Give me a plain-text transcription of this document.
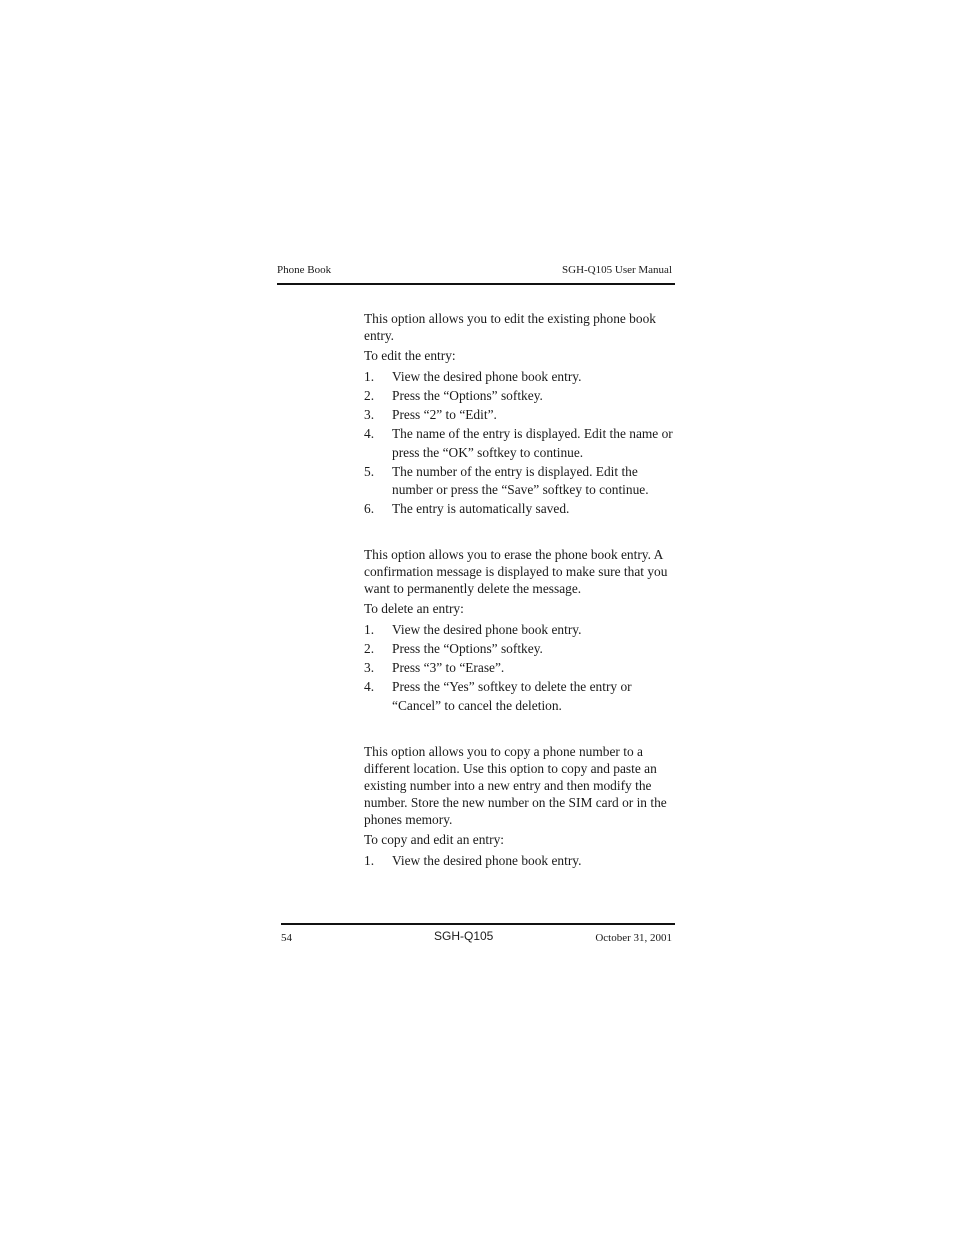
Phone Book	SGH-Q105 User Manual

This option allows you to edit the existing phone book entry.

To edit the entry:

1. View the desired phone book entry.
2. Press the “Options” softkey.
3. Press “2” to “Edit”.
4. The name of the entry is displayed. Edit the name or press the “OK” softkey to continue.
5. The number of the entry is displayed. Edit the number or press the “Save” softkey to continue.
6. The entry is automatically saved.

This option allows you to erase the phone book entry. A confirmation message is displayed to make sure that you want to permanently delete the message.

To delete an entry:

1. View the desired phone book entry.
2. Press the “Options” softkey.
3. Press “3” to “Erase”.
4. Press the “Yes” softkey to delete the entry or “Cancel” to cancel the deletion.

This option allows you to copy a phone number to a different location. Use this option to copy and paste an existing number into a new entry and then modify the number. Store the new number on the SIM card or in the phones memory.

To copy and edit an entry:

1. View the desired phone book entry.
54	SGH-Q105	October 31, 2001
